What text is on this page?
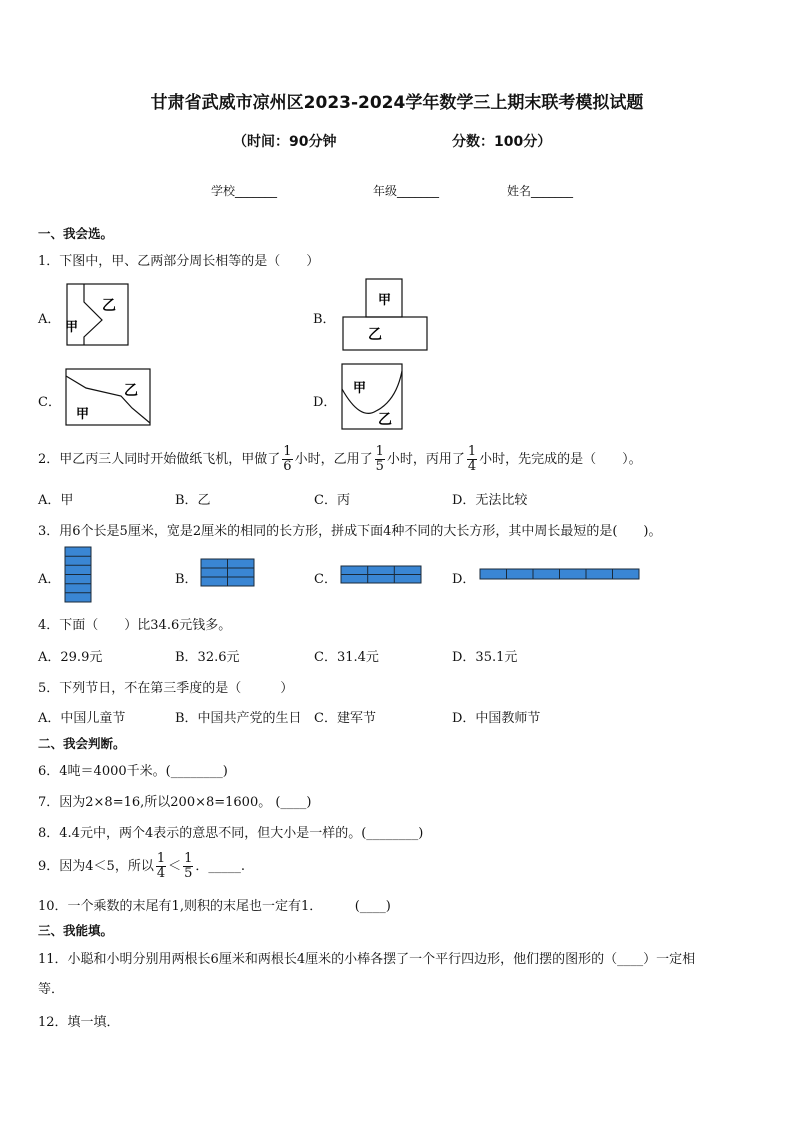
甘肃省武威市凉州区2023-2024学年数学三上期末联考模拟试题
（时间：90分钟	分数：100分）
学校_______	年级_______	姓名_______
一、我会选。
1．下图中，甲、乙两部分周长相等的是（　　）
A．
甲
乙
B．
甲
乙
C．
甲
乙
D．
甲
乙
2．甲乙丙三人同时开始做纸飞机，甲做了 $\frac{1}{6}$ 小时，乙用了 $\frac{1}{5}$ 小时，丙用了 $\frac{1}{4}$ 小时，先完成的是（　　）。
A．甲	B．乙	C．丙	D．无法比较
3．用6个长是5厘米，宽是2厘米的相同的长方形，拼成下面4种不同的大长方形，其中周长最短的是(　　)。
A．	B．	C．	D．
4．下面（　　）比34.6元钱多。
A．29.9元	B．32.6元	C．31.4元	D．35.1元
5．下列节日，不在第三季度的是（　　　）
A．中国儿童节	B．中国共产党的生日 C．建军节	D．中国教师节
二、我会判断。
6．4吨＝4000千米。(________)
7．因为2×8=16,所以200×8=1600。 (____)
8．4.4元中，两个4表示的意思不同，但大小是一样的。(________)
9．因为4＜5，所以 $\frac{1}{4} < \frac{1}{5}$ ．_____.
10．一个乘数的末尾有1,则积的末尾也一定有1．　　　(____)
三、我能填。
11．小聪和小明分别用两根长6厘米和两根长4厘米的小棒各摆了一个平行四边形，他们摆的图形的（____）一定相
等．
12．填一填．
